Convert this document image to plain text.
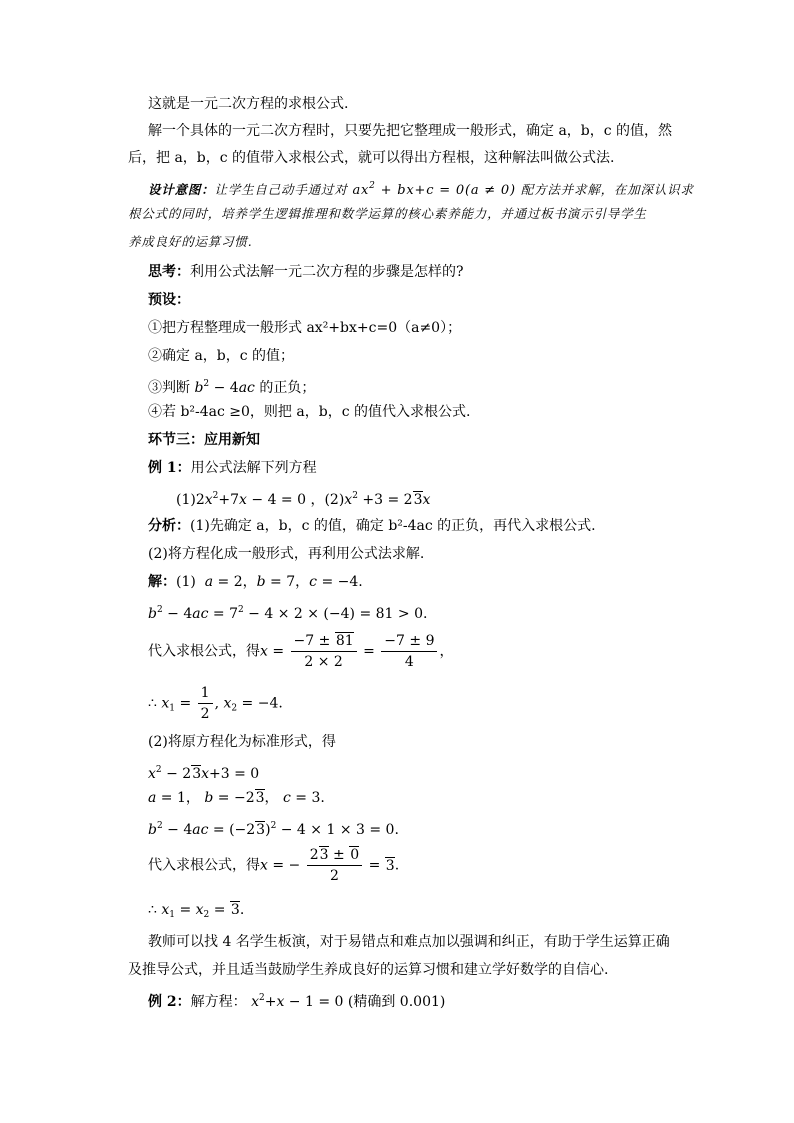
这就是一元二次方程的求根公式.
解一个具体的一元二次方程时，只要先把它整理成一般形式，确定 a，b，c 的值，然
后，把 a，b，c 的值带入求根公式，就可以得出方程根，这种解法叫做公式法.
设计意图：让学生自己动手通过对 $ax^2 + bx+c = 0(a \ne 0)$ 配方法并求解，在加深认识求
根公式的同时，培养学生逻辑推理和数学运算的核心素养能力，并通过板书演示引导学生
养成良好的运算习惯.
思考：利用公式法解一元二次方程的步骤是怎样的?
预设：
①把方程整理成一般形式 ax²+bx+c=0（a≠0）；
②确定 a，b，c 的值；
③判断 $b^2 - 4ac$ 的正负；
④若 b²-4ac ≥0，则把 a，b，c 的值代入求根公式.
环节三：应用新知
例 1：用公式法解下列方程
$(1)2x^2+7x - 4 = 0$ ，$(2)x^2 +3 = 23x$
分析：(1)先确定 a，b，c 的值，确定 b²-4ac 的正负，再代入求根公式.
(2)将方程化成一般形式，再利用公式法求解.
解：(1)  a = 2，b = 7，c = −4.
$b^2 - 4ac = 7^2 - 4 \times 2 \times (-4) = 81 > 0$.
代入求根公式，得$x = \frac{-7 \pm 81}{2 \times 2} = \frac{-7 \pm 9}{4}$ ，
∴ $x_1 = \frac{1}{2}$ , $x_2 = -4$.
(2)将原方程化为标准形式，得
$x^2 - 23x+3 = 0$
a = 1， b = −23， c = 3.
$b^2 - 4ac = (-23)^2 - 4 \times 1 \times 3 = 0$.
代入求根公式，得x = − $\frac{23 \pm 0}{2} = 3$.
∴ $x_1 = x_2 = 3$.
教师可以找 4 名学生板演，对于易错点和难点加以强调和纠正，有助于学生运算正确
及推导公式，并且适当鼓励学生养成良好的运算习惯和建立学好数学的自信心.
例 2：解方程： $x^2+x - 1 = 0$ (精确到 0.001)
